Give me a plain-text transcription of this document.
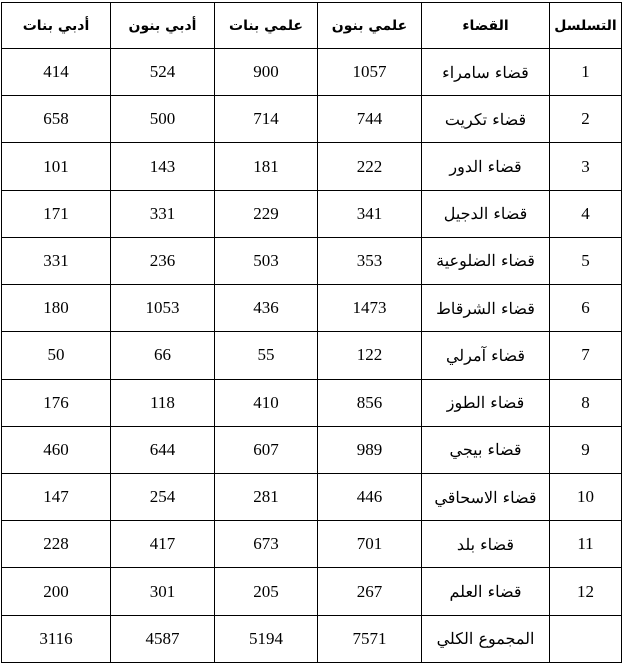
التسلسل	القضاء	علمي بنون	علمي بنات	أدبي بنون	أدبي بنات
1	قضاء سامراء	1057	900	524	414
2	قضاء تكريت	744	714	500	658
3	قضاء الدور	222	181	143	101
4	قضاء الدجيل	341	229	331	171
5	قضاء الضلوعية	353	503	236	331
6	قضاء الشرقاط	1473	436	1053	180
7	قضاء آمرلي	122	55	66	50
8	قضاء الطوز	856	410	118	176
9	قضاء بيجي	989	607	644	460
10	قضاء الاسحاقي	446	281	254	147
11	قضاء بلد	701	673	417	228
12	قضاء العلم	267	205	301	200
	المجموع الكلي	7571	5194	4587	3116
